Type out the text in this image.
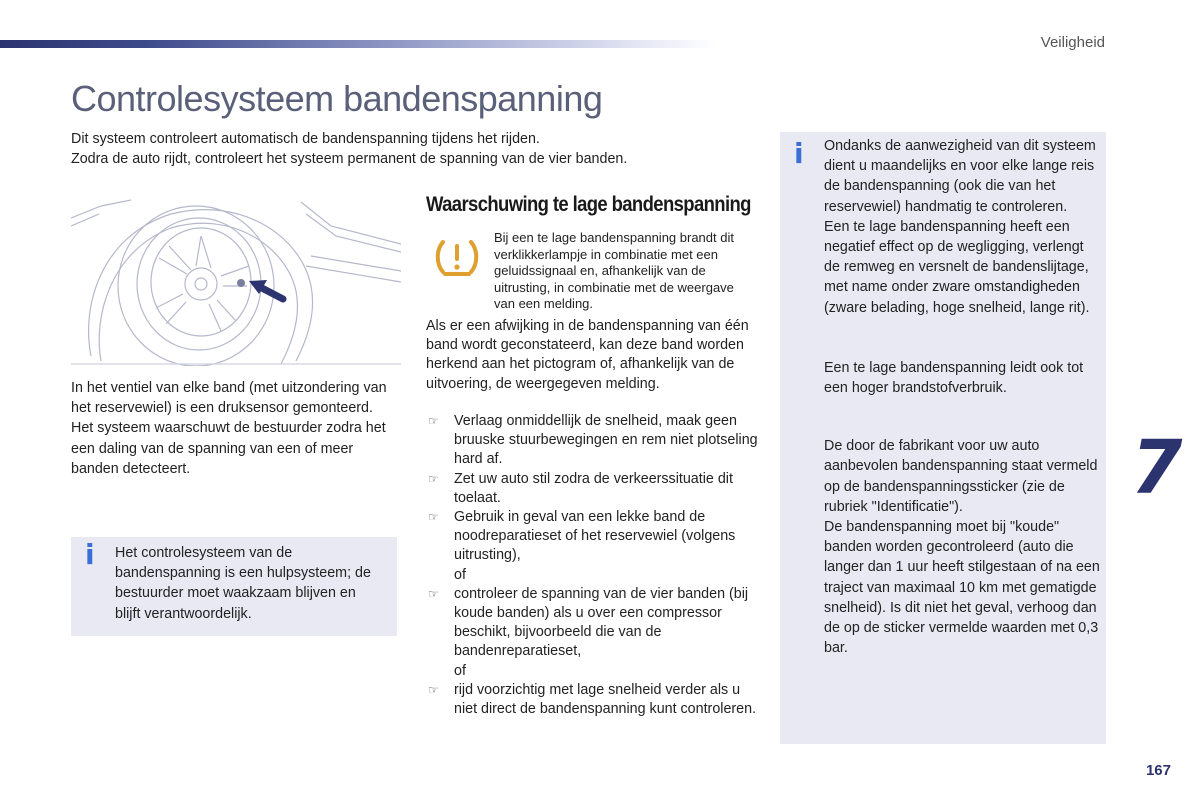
Veiligheid
Controlesysteem bandenspanning

Dit systeem controleert automatisch de bandenspanning tijdens het rijden.

Zodra de auto rijdt, controleert het systeem permanent de spanning van de vier banden.

In het ventiel van elke band (met uitzondering van het reservewiel) is een druksensor gemonteerd.

Het systeem waarschuwt de bestuurder zodra het een daling van de spanning van een of meer banden detecteert.

i Het controlesysteem van de bandenspanning is een hulpsysteem; de bestuurder moet waakzaam blijven en blijft verantwoordelijk.
Waarschuwing te lage bandenspanning
Bij een te lage bandenspanning brandt dit verklikkerlampje in combinatie met een geluidssignaal en, afhankelijk van de uitrusting, in combinatie met de weergave van een melding.

Als er een afwijking in de bandenspanning van één band wordt geconstateerd, kan deze band worden herkend aan het pictogram of, afhankelijk van de uitvoering, de weergegeven melding.

☞ Verlaag onmiddellijk de snelheid, maak geen bruuske stuurbewegingen en rem niet plotseling hard af.
☞ Zet uw auto stil zodra de verkeerssituatie dit toelaat.
☞ Gebruik in geval van een lekke band de noodreparatieset of het reservewiel (volgens uitrusting),
of
☞ controleer de spanning van de vier banden (bij koude banden) als u over een compressor beschikt, bijvoorbeeld die van de bandenreparatieset,
of
☞ rijd voorzichtig met lage snelheid verder als u niet direct de bandenspanning kunt controleren.
i Ondanks de aanwezigheid van dit systeem dient u maandelijks en voor elke lange reis de bandenspanning (ook die van het reservewiel) handmatig te controleren.

Een te lage bandenspanning heeft een negatief effect op de wegligging, verlengt de remweg en versnelt de bandenslijtage, met name onder zware omstandigheden (zware belading, hoge snelheid, lange rit).

Een te lage bandenspanning leidt ook tot een hoger brandstofverbruik.

De door de fabrikant voor uw auto aanbevolen bandenspanning staat vermeld op de bandenspanningssticker (zie de rubriek "Identificatie").

De bandenspanning moet bij "koude" banden worden gecontroleerd (auto die langer dan 1 uur heeft stilgestaan of na een traject van maximaal 10 km met gematigde snelheid). Is dit niet het geval, verhoog dan de op de sticker vermelde waarden met 0,3 bar.

7
167
